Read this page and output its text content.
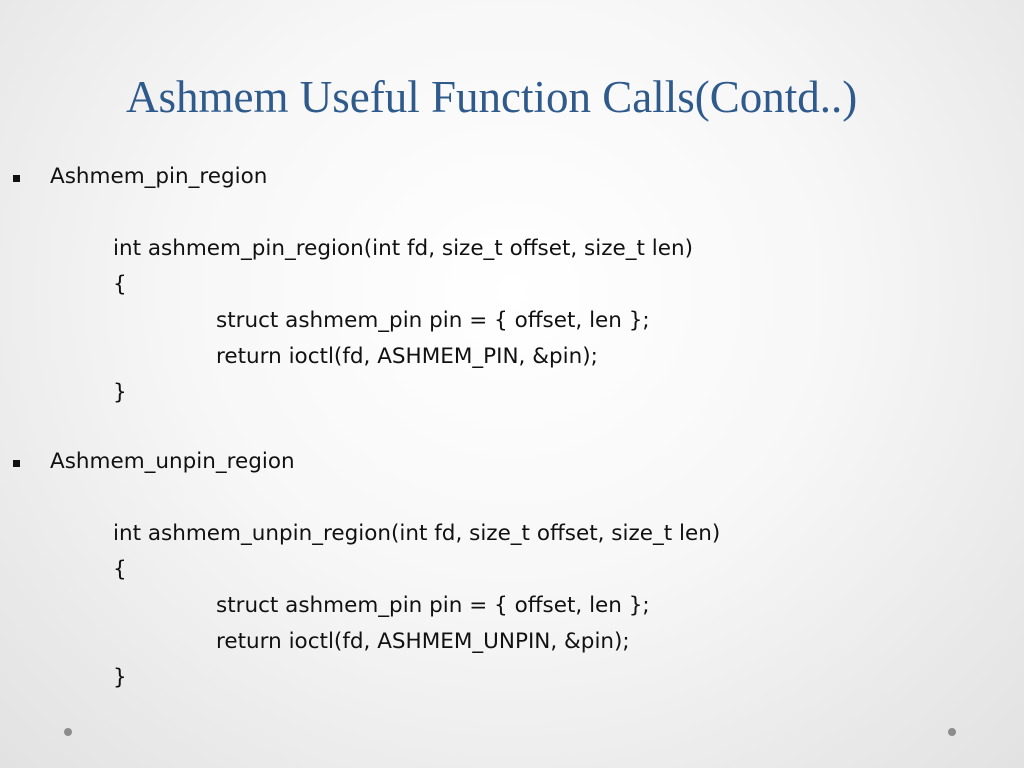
Ashmem Useful Function Calls(Contd..)
Ashmem_pin_region
int ashmem_pin_region(int fd, size_t offset, size_t len)
{
struct ashmem_pin pin = { offset, len };
return ioctl(fd, ASHMEM_PIN, &pin);
}
Ashmem_unpin_region
int ashmem_unpin_region(int fd, size_t offset, size_t len)
{
struct ashmem_pin pin = { offset, len };
return ioctl(fd, ASHMEM_UNPIN, &pin);
}
